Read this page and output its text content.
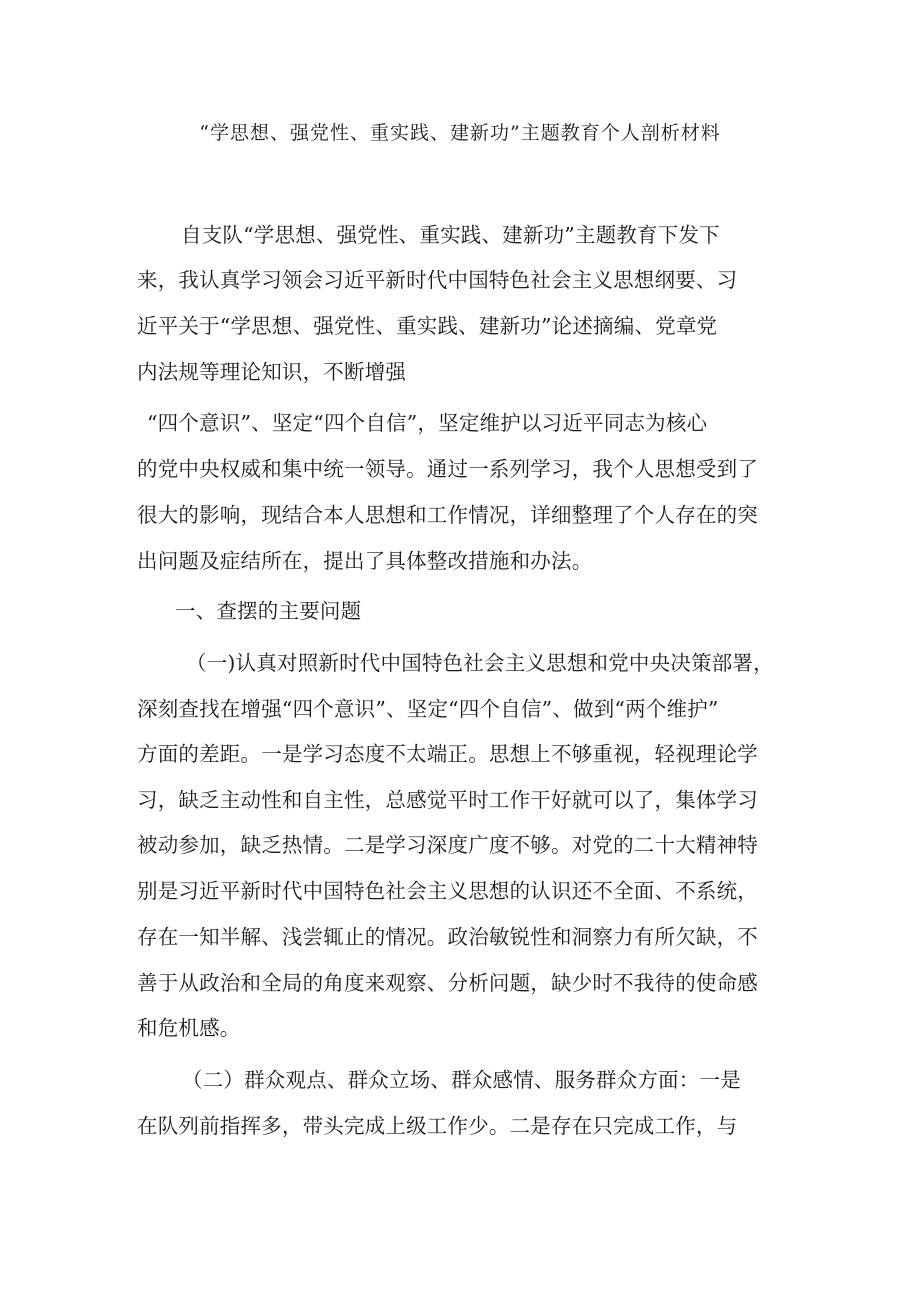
“学思想、强党性、重实践、建新功”主题教育个人剖析材料
自支队“学思想、强党性、重实践、建新功”主题教育下发下
来，我认真学习领会习近平新时代中国特色社会主义思想纲要、习
近平关于“学思想、强党性、重实践、建新功”论述摘编、党章党
内法规等理论知识，不断增强
“四个意识”、坚定“四个自信”，坚定维护以习近平同志为核心
的党中央权威和集中统一领导。通过一系列学习，我个人思想受到了
很大的影响，现结合本人思想和工作情况，详细整理了个人存在的突
出问题及症结所在，提出了具体整改措施和办法。
一、查摆的主要问题
（一)认真对照新时代中国特色社会主义思想和党中央决策部署，
深刻查找在增强“四个意识”、坚定“四个自信”、做到“两个维护”
方面的差距。一是学习态度不太端正。思想上不够重视，轻视理论学
习，缺乏主动性和自主性，总感觉平时工作干好就可以了，集体学习
被动参加，缺乏热情。二是学习深度广度不够。对党的二十大精神特
别是习近平新时代中国特色社会主义思想的认识还不全面、不系统，
存在一知半解、浅尝辄止的情况。政治敏锐性和洞察力有所欠缺，不
善于从政治和全局的角度来观察、分析问题，缺少时不我待的使命感
和危机感。
（二）群众观点、群众立场、群众感情、服务群众方面：一是
在队列前指挥多，带头完成上级工作少。二是存在只完成工作，与
